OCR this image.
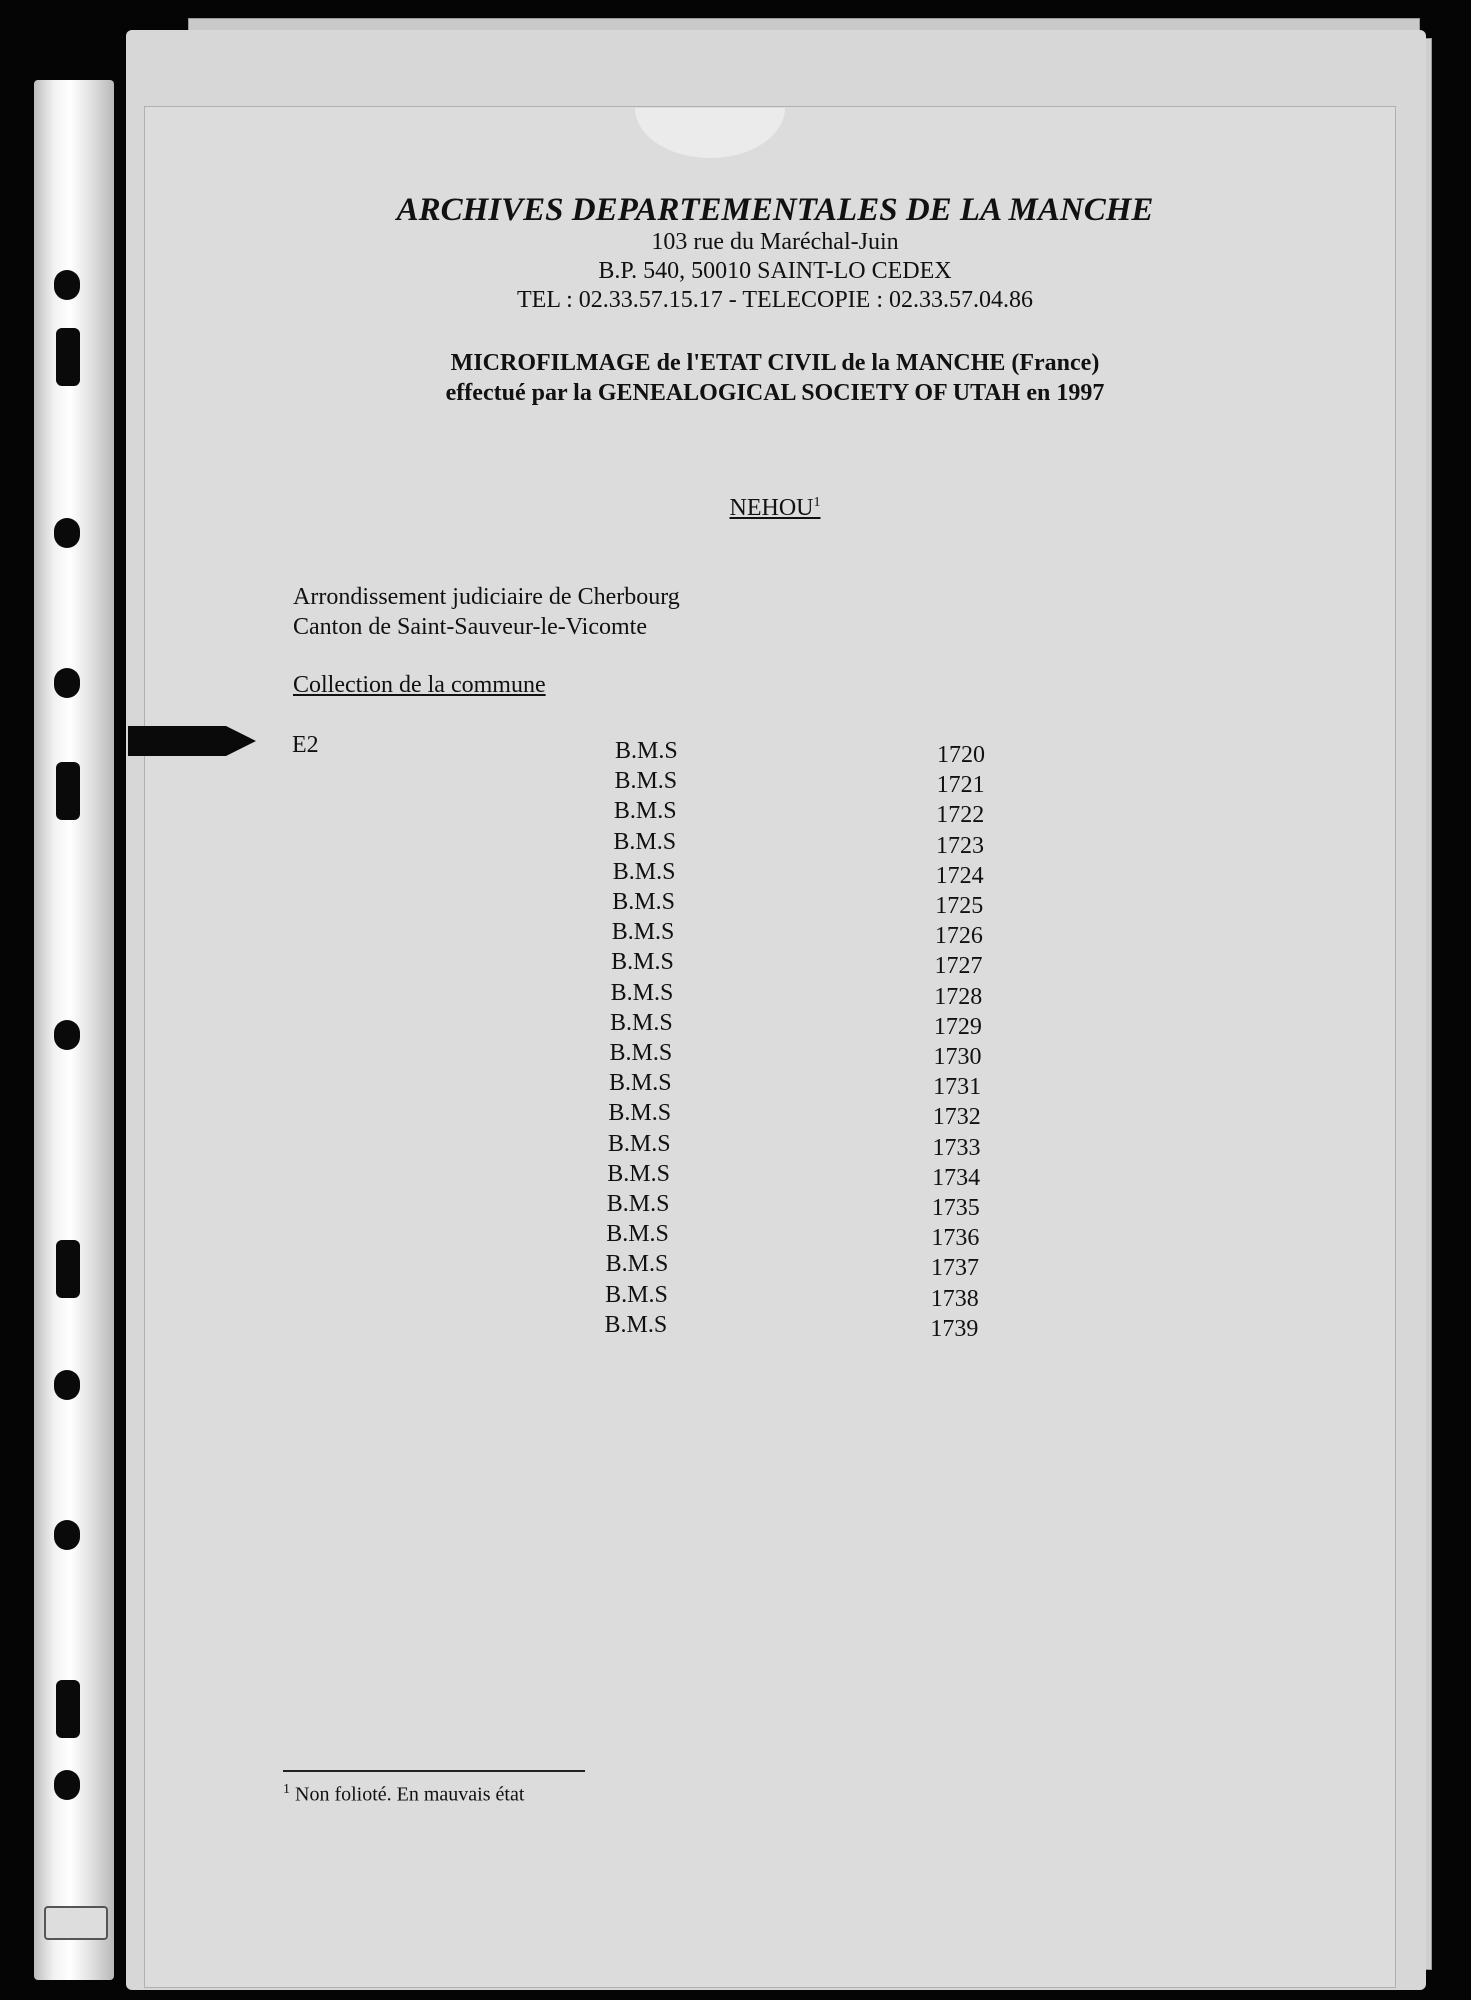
ARCHIVES DEPARTEMENTALES DE LA MANCHE
103 rue du Maréchal-Juin
B.P. 540, 50010 SAINT-LO CEDEX
TEL : 02.33.57.15.17 - TELECOPIE : 02.33.57.04.86
MICROFILMAGE de l'ETAT CIVIL de la MANCHE (France)
effectué par la GENEALOGICAL SOCIETY OF UTAH en 1997
NEHOU$^1$
Arrondissement judiciaire de Cherbourg
Canton de Saint-Sauveur-le-Vicomte
Collection de la commune
E2	B.M.S	1720
B.M.S	1721
B.M.S	1722
B.M.S	1723
B.M.S	1724
B.M.S	1725
B.M.S	1726
B.M.S	1727
B.M.S	1728
B.M.S	1729
B.M.S	1730
B.M.S	1731
B.M.S	1732
B.M.S	1733
B.M.S	1734
B.M.S	1735
B.M.S	1736
B.M.S	1737
B.M.S	1738
B.M.S	1739
$^1$ Non folioté. En mauvais état
